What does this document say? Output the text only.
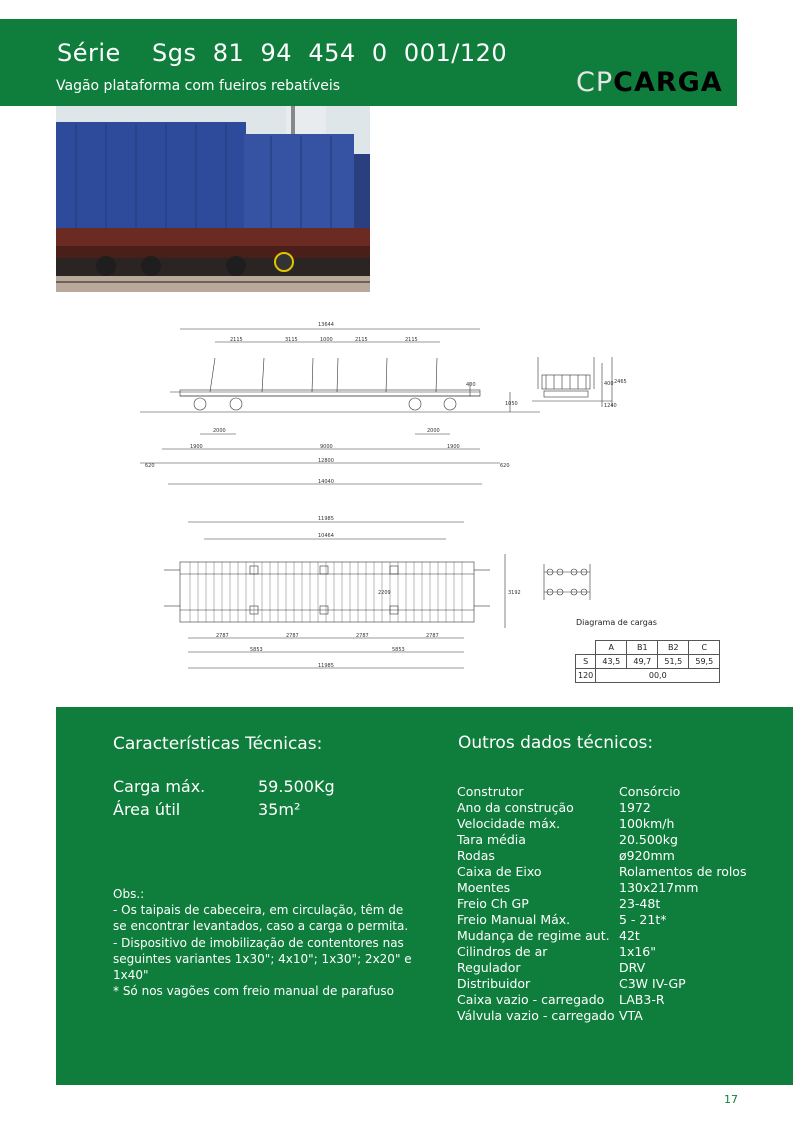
Série Sgs  81  94  454  0  001/120
Vagão plataforma com fueiros rebatíveis	CPCARGA
13644
2115	3115	1000	2115	2115
2000	2000
1900	9000	1900
620
12800
620
14040
400
1050
400 2465
1240
11985
10464
2787	2787	2787	2787
5853	5853
11985
2209	3192
Diagrama de cargas
	A	B1	B2	C
S	43,5	49,7	51,5	59,5
120	00,0			
Características Técnicas:
Carga máx.	59.500Kg
Área útil	35m²

Obs.:

- Os taipais de cabeceira, em circulação, têm de se encontrar levantados, caso a carga o permita.

- Dispositivo de imobilização de contentores nas seguintes variantes 1x30"; 4x10"; 1x30"; 2x20" e 1x40"

* Só nos vagões com freio manual de parafuso

Outros dados técnicos:
Construtor	Consórcio
Ano da construção	1972
Velocidade máx.	100km/h
Tara média	20.500kg
Rodas	ø920mm
Caixa de Eixo	Rolamentos de rolos
Moentes	130x217mm
Freio Ch GP	23-48t
Freio Manual Máx.	5 - 21t*
Mudança de regime aut. 42t
Cilindros de ar	1x16"
Regulador	DRV
Distribuidor	C3W IV-GP
Caixa vazio - carregado LAB3-R
Válvula vazio - carregado VTA
17
